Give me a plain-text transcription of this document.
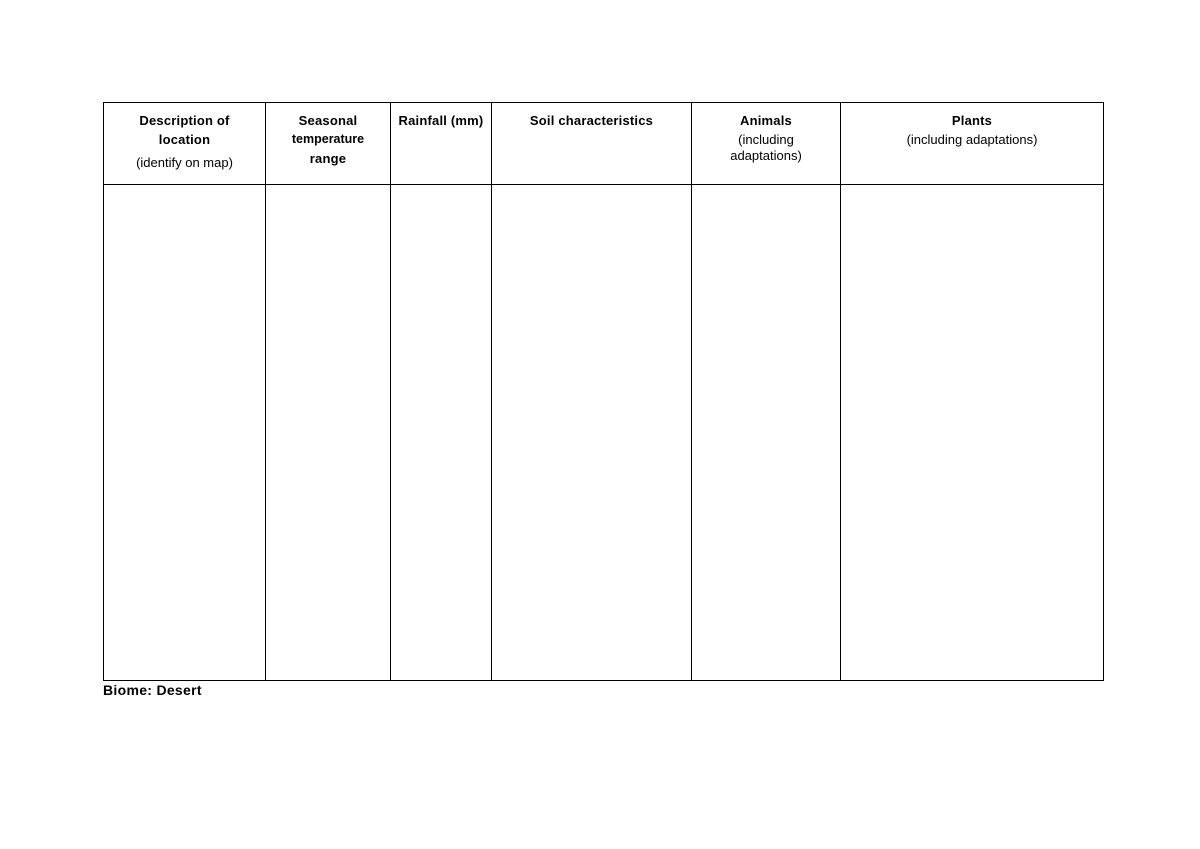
Description of
location
(identify on map)	Seasonal
temperature
range	Rainfall (mm)	Soil characteristics	Animals
(including
adaptations)	Plants
(including adaptations)

Biome: Desert
